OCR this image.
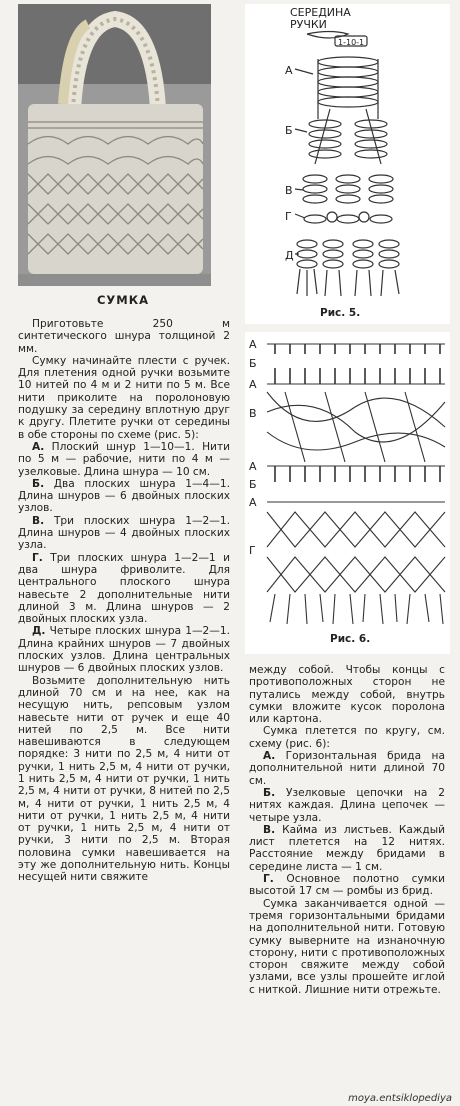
СУМКА

Приготовьте 250 м синтетического шнура толщиной 2 мм.

Сумку начинайте плести с ручек. Для плетения одной ручки возьмите 10 нитей по 4 м и 2 нити по 5 м. Все нити приколите на поролоновую подушку за середину вплотную друг к другу. Плетите ручки от середины в обе стороны по схеме (рис. 5):

А. Плоский шнур 1—10—1. Нити по 5 м — рабочие, нити по 4 м — узелковые. Длина шнура — 10 см.

Б. Два плоских шнура 1—4—1. Длина шнуров — 6 двойных плоских узлов.

В. Три плоских шнура 1—2—1. Длина шнуров — 4 двойных плоских узла.

Г. Три плоских шнура 1—2—1 и два шнура фриволите. Для центрального плоского шнура навесьте 2 дополнительные нити длиной 3 м. Длина шнуров — 2 двойных плоских узла.

Д. Четыре плоских шнура 1—2—1. Длина крайних шнуров — 7 двойных плоских узлов. Длина центральных шнуров — 6 двойных плоских узлов.

Возьмите дополнительную нить длиной 70 см и на нее, как на несущую нить, репсовым узлом навесьте нити от ручек и еще 40 нитей по 2,5 м. Все нити навешиваются в следующем порядке: 3 нити по 2,5 м, 4 нити от ручки, 1 нить 2,5 м, 4 нити от ручки, 1 нить 2,5 м, 4 нити от ручки, 1 нить 2,5 м, 4 нити от ручки, 8 нитей по 2,5 м, 4 нити от ручки, 1 нить 2,5 м, 4 нити от ручки, 1 нить 2,5 м, 4 нити от ручки, 1 нить 2,5 м, 4 нити от ручки, 3 нити по 2,5 м. Вторая половина сумки навешивается на эту же дополнительную нить. Концы несущей нити свяжите

СЕРЕДИНА
РУЧКИ
1-10-1
А
Б
В
Г
Д
Рис. 5.
А
Б
А
В
А
Б
А
Г
Рис. 6.

между собой. Чтобы концы с противоположных сторон не путались между собой, внутрь сумки вложите кусок поролона или картона.

Сумка плетется по кругу, см. схему (рис. 6):

А. Горизонтальная брида на дополнительной нити длиной 70 см.

Б. Узелковые цепочки на 2 нитях каждая. Длина цепочек — четыре узла.

В. Кайма из листьев. Каждый лист плетется на 12 нитях. Расстояние между бридами в середине листа — 1 см.

Г. Основное полотно сумки высотой 17 см — ромбы из брид.

Сумка заканчивается одной — тремя горизонтальными бридами на дополнительной нити. Готовую сумку выверните на изнаночную сторону, нити с противоположных сторон свяжите между собой узлами, все узлы прошейте иглой с ниткой. Лишние нити отрежьте.

moya.entsiklopediya
